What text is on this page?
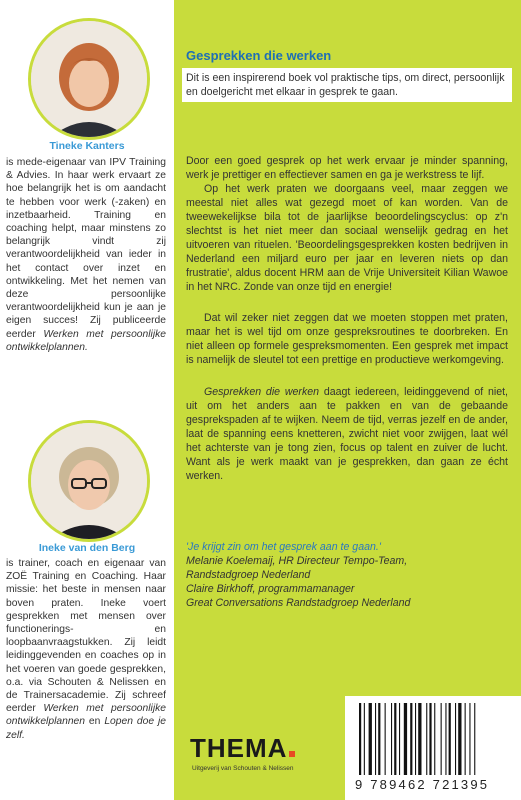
Tineke Kanters
is mede-eigenaar van IPV Training & Advies. In haar werk ervaart ze hoe belangrijk het is om aandacht te hebben voor werk (-zaken) en inzetbaarheid. Training en coaching helpt, maar minstens zo belangrijk vindt zij verantwoordelijkheid van ieder in het contact over inzet en ontwikkeling. Met het nemen van deze persoonlijke verantwoordelijkheid kun je aan je eigen succes! Zij publiceerde eerder Werken met persoonlijke ontwikkelplannen.
Ineke van den Berg
is trainer, coach en eigenaar van ZOË Training en Coaching. Haar missie: het beste in mensen naar boven praten. Ineke voert gesprekken met mensen over functionerings- en loopbaanvraagstukken. Zij leidt leidinggevenden en coaches op in het voeren van goede gesprekken, o.a. via Schouten & Nelissen en de Trainersacademie. Zij schreef eerder Werken met persoonlijke ontwikkelplannen en Lopen doe je zelf.
Gesprekken die werken
Dit is een inspirerend boek vol praktische tips, om direct, persoonlijk en doelgericht met elkaar in gesprek te gaan.
Door een goed gesprek op het werk ervaar je minder spanning, werk je prettiger en effectiever samen en ga je werkstress te lijf.
Op het werk praten we doorgaans veel, maar zeggen we meestal niet alles wat gezegd moet of kan worden. Van de tweewekelijkse bila tot de jaarlijkse beoordelingscyclus: op z'n slechtst is het niet meer dan sociaal wenselijk gedrag en het uitvoeren van rituelen. 'Beoordelingsgesprekken kosten bedrijven in Nederland een miljard euro per jaar en leveren niets op dan frustratie', aldus docent HRM aan de Vrije Universiteit Kilian Wawoe in het NRC. Zonde van onze tijd en energie!
Dat wil zeker niet zeggen dat we moeten stoppen met praten, maar het is wel tijd om onze gespreksroutines te doorbreken. En niet alleen op formele gespreksmomenten. Een gesprek met impact is namelijk de sleutel tot een prettige en productieve werkomgeving.
Gesprekken die werken daagt iedereen, leidinggevend of niet, uit om het anders aan te pakken en van de gebaande gesprekspaden af te wijken. Neem de tijd, verras jezelf en de ander, laat de spanning eens knetteren, zwicht niet voor zwijgen, laat wél het achterste van je tong zien, focus op talent en zuiver de lucht. Want als je werk maakt van je gesprekken, dan gaan ze écht werken.
'Je krijgt zin om het gesprek aan te gaan.'
Melanie Koelemaij, HR Directeur Tempo-Team,
Randstadgroep Nederland
Claire Birkhoff, programmamanager
Great Conversations Randstadgroep Nederland
THEMA
Uitgeverij van Schouten & Nelissen
9 789462 721395
